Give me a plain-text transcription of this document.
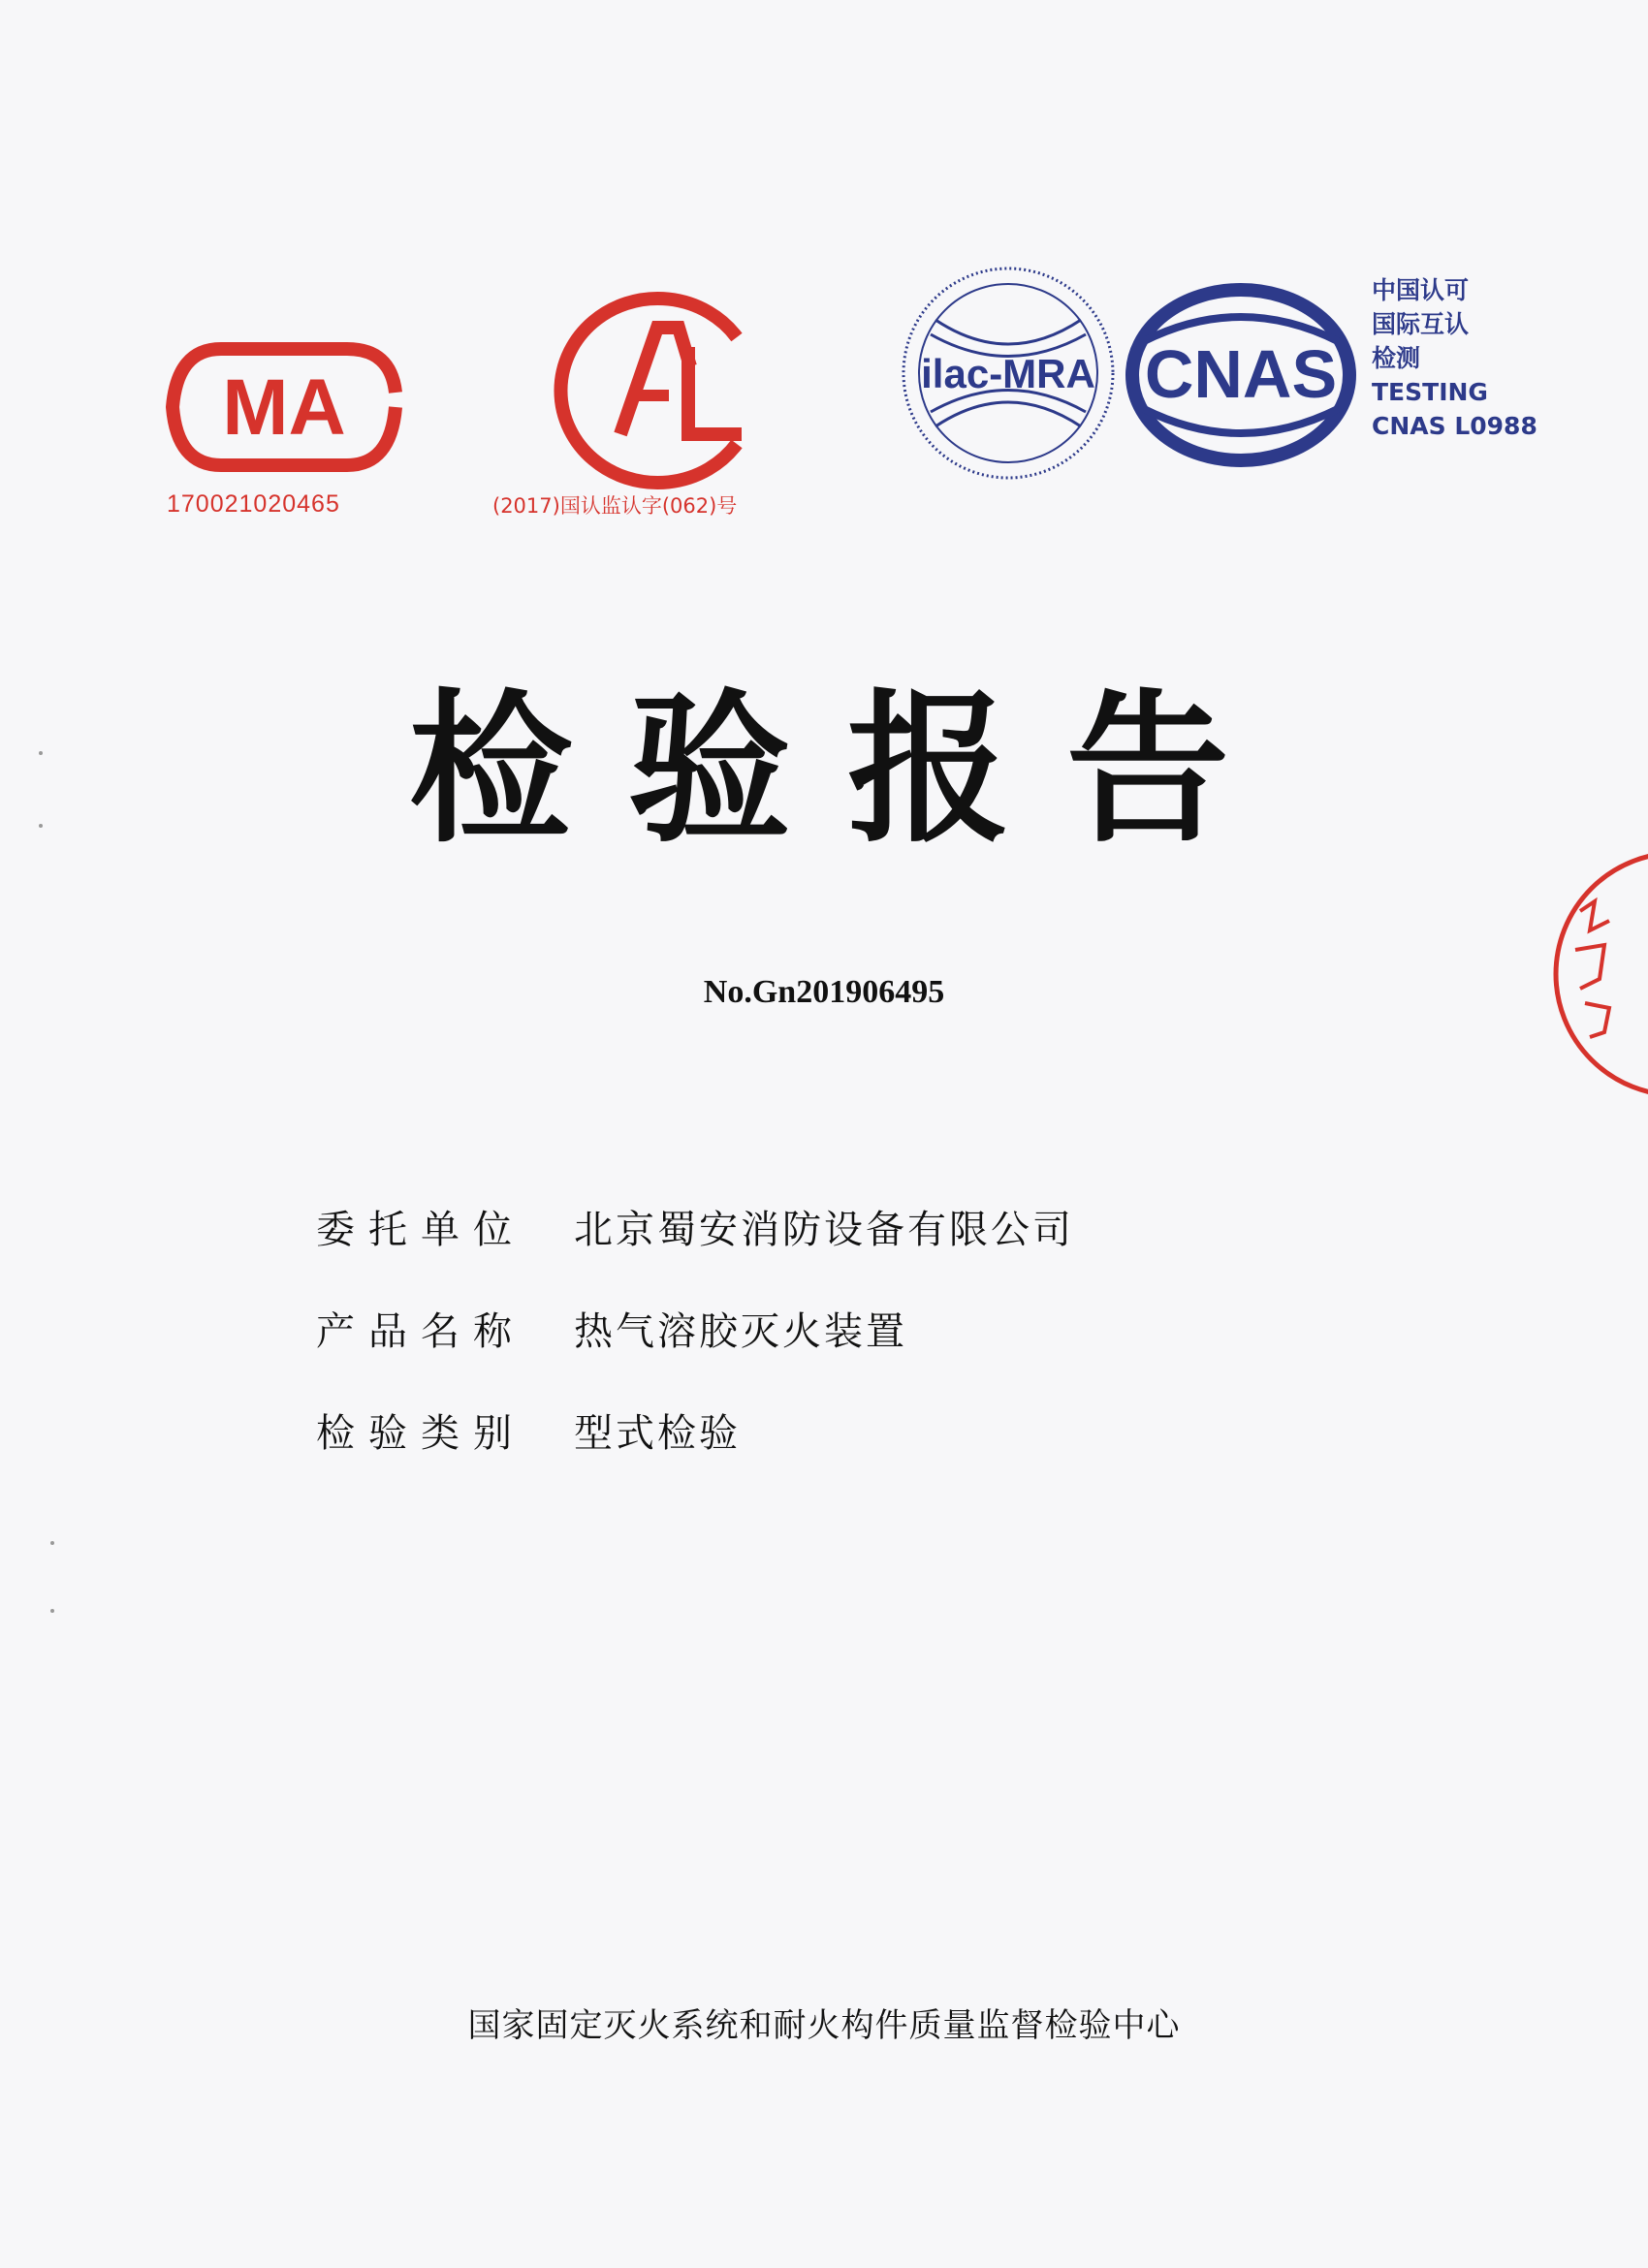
MA
170021020465	(2017)国认监认字(062)号
ilac-MRA CNAS
中国认可
国际互认
检测
TESTING
CNAS L0988
检验报告
No.Gn201906495
委托单位	北京蜀安消防设备有限公司
产品名称	热气溶胶灭火装置
检验类别	型式检验
国家固定灭火系统和耐火构件质量监督检验中心
